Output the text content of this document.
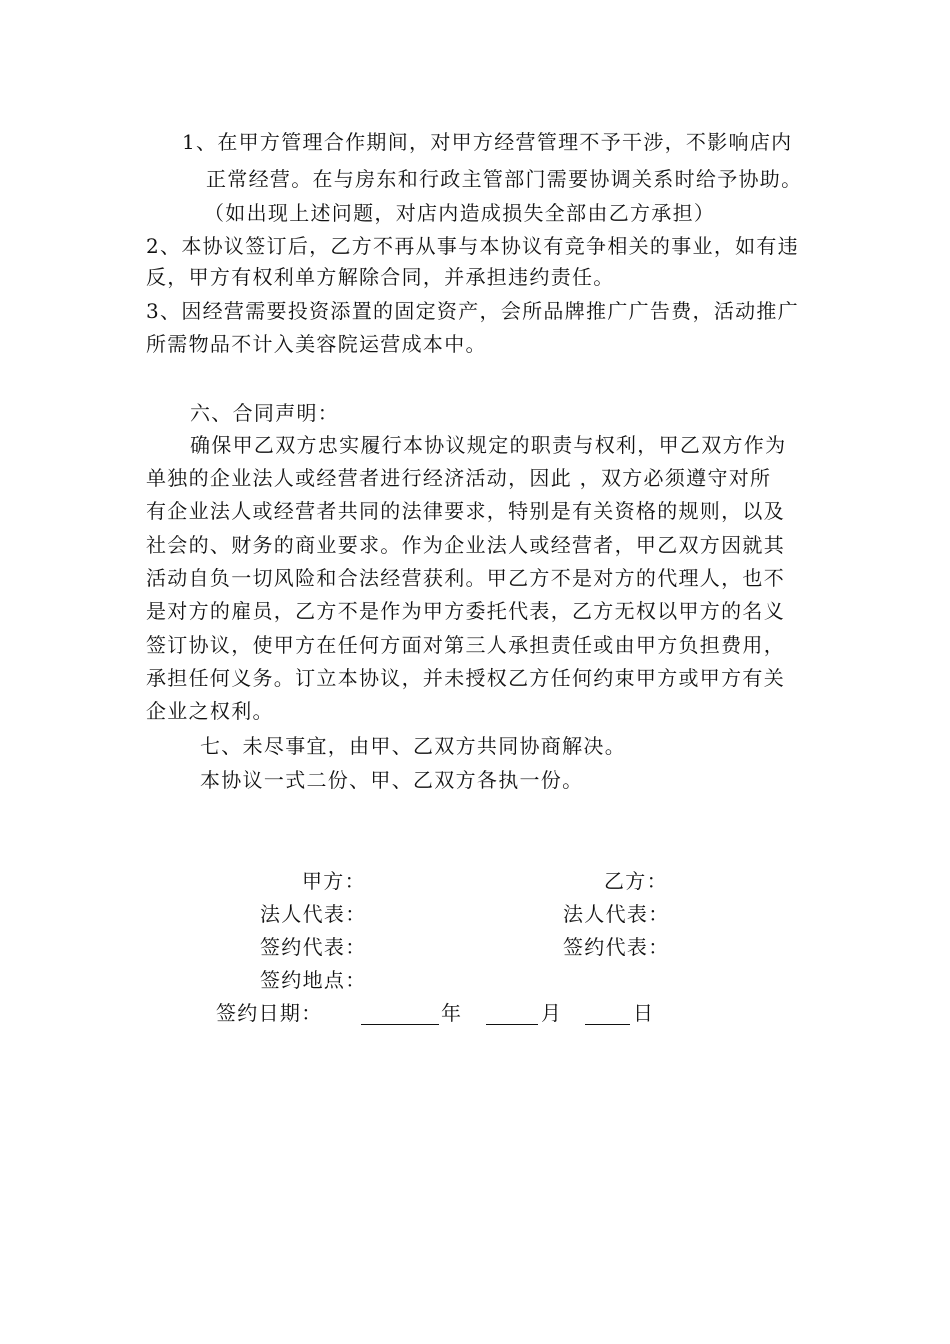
1、在甲方管理合作期间，对甲方经营管理不予干涉，不影响店内
正常经营。在与房东和行政主管部门需要协调关系时给予协助。
（如出现上述问题，对店内造成损失全部由乙方承担）
2、本协议签订后，乙方不再从事与本协议有竞争相关的事业，如有违
反，甲方有权利单方解除合同，并承担违约责任。
3、因经营需要投资添置的固定资产，会所品牌推广广告费，活动推广
所需物品不计入美容院运营成本中。
六、合同声明：
确保甲乙双方忠实履行本协议规定的职责与权利，甲乙双方作为
单独的企业法人或经营者进行经济活动，因此 ，双方必须遵守对所
有企业法人或经营者共同的法律要求，特别是有关资格的规则，以及
社会的、财务的商业要求。作为企业法人或经营者，甲乙双方因就其
活动自负一切风险和合法经营获利。甲乙方不是对方的代理人，也不
是对方的雇员，乙方不是作为甲方委托代表，乙方无权以甲方的名义
签订协议，使甲方在任何方面对第三人承担责任或由甲方负担费用，
承担任何义务。订立本协议，并未授权乙方任何约束甲方或甲方有关
企业之权利。
七、未尽事宜，由甲、乙双方共同协商解决。
本协议一式二份、甲、乙双方各执一份。
甲方：	乙方：
法人代表：	法人代表：
签约代表：	签约代表：
签约地点：
签约日期：	年	月	日
